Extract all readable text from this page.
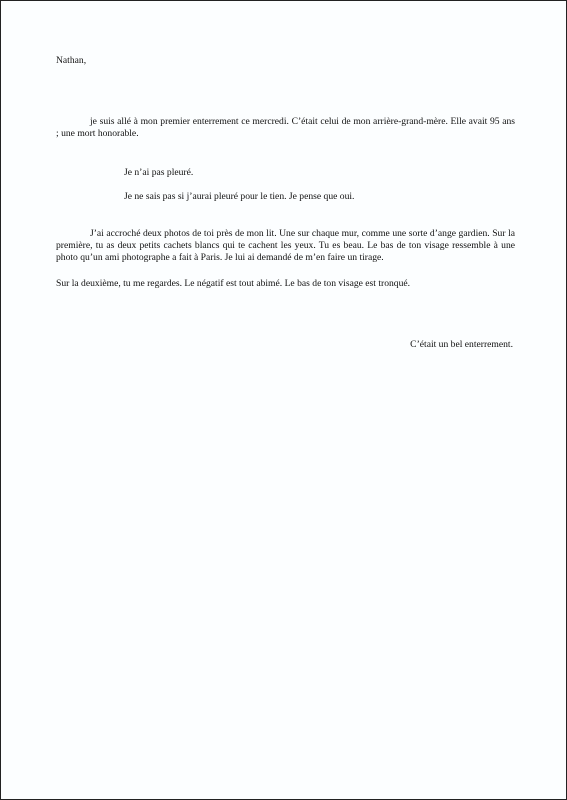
Nathan,

je suis allé à mon premier enterrement ce mercredi. C’était celui de mon arrière-grand-mère. Elle avait 95 ans ; une mort honorable.

Je n’ai pas pleuré.

Je ne sais pas si j’aurai pleuré pour le tien. Je pense que oui.

J’ai accroché deux photos de toi près de mon lit. Une sur chaque mur, comme une sorte d’ange gardien. Sur la première, tu as deux petits cachets blancs qui te cachent les yeux. Tu es beau. Le bas de ton visage ressemble à une photo qu’un ami photographe a fait à Paris. Je lui ai demandé de m’en faire un tirage.

Sur la deuxième, tu me regardes. Le négatif est tout abimé. Le bas de ton visage est tronqué.

C’était un bel enterrement.
